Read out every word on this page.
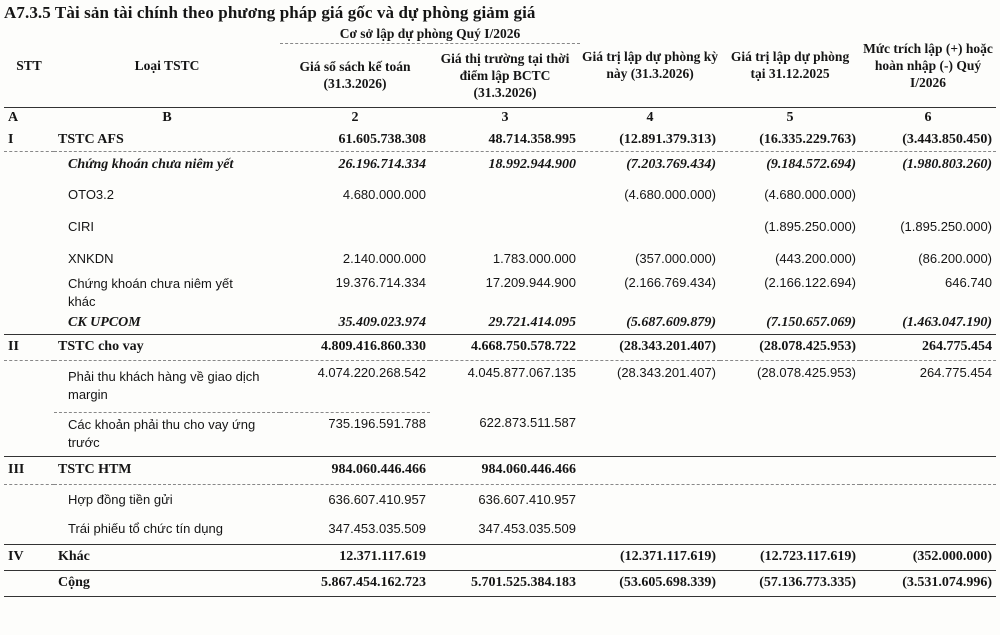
A7.3.5 Tài sản tài chính theo phương pháp giá gốc và dự phòng giảm giá
STT	Loại TSTC	Cơ sở lập dự phòng Quý I/2026		Giá trị lập dự phòng kỳ này (31.3.2026)	Giá trị lập dự phòng tại 31.12.2025	Mức trích lập (+) hoặc hoàn nhập (-) Quý I/2026
		Giá sổ sách kế toán (31.3.2026)	Giá thị trường tại thời điểm lập BCTC (31.3.2026)			
A	B	2	3	4	5	6
I	TSTC AFS	61.605.738.308	48.714.358.995	(12.891.379.313)	(16.335.229.763)	(3.443.850.450)
	Chứng khoán chưa niêm yết	26.196.714.334	18.992.944.900	(7.203.769.434)	(9.184.572.694)	(1.980.803.260)
	OTO3.2	4.680.000.000		(4.680.000.000)	(4.680.000.000)	
	CIRI				(1.895.250.000)	(1.895.250.000)
	XNKDN	2.140.000.000	1.783.000.000	(357.000.000)	(443.200.000)	(86.200.000)
	Chứng khoán chưa niêm yết khác	19.376.714.334	17.209.944.900	(2.166.769.434)	(2.166.122.694)	646.740
	CK UPCOM	35.409.023.974	29.721.414.095	(5.687.609.879)	(7.150.657.069)	(1.463.047.190)
II	TSTC cho vay	4.809.416.860.330	4.668.750.578.722	(28.343.201.407)	(28.078.425.953)	264.775.454
	Phải thu khách hàng về giao dịch margin	4.074.220.268.542	4.045.877.067.135	(28.343.201.407)	(28.078.425.953)	264.775.454
	Các khoản phải thu cho vay ứng trước	735.196.591.788	622.873.511.587			
III	TSTC HTM	984.060.446.466	984.060.446.466			
	Hợp đồng tiền gửi	636.607.410.957	636.607.410.957			
	Trái phiếu tổ chức tín dụng	347.453.035.509	347.453.035.509			
IV	Khác	12.371.117.619		(12.371.117.619)	(12.723.117.619)	(352.000.000)
	Cộng	5.867.454.162.723	5.701.525.384.183	(53.605.698.339)	(57.136.773.335)	(3.531.074.996)
